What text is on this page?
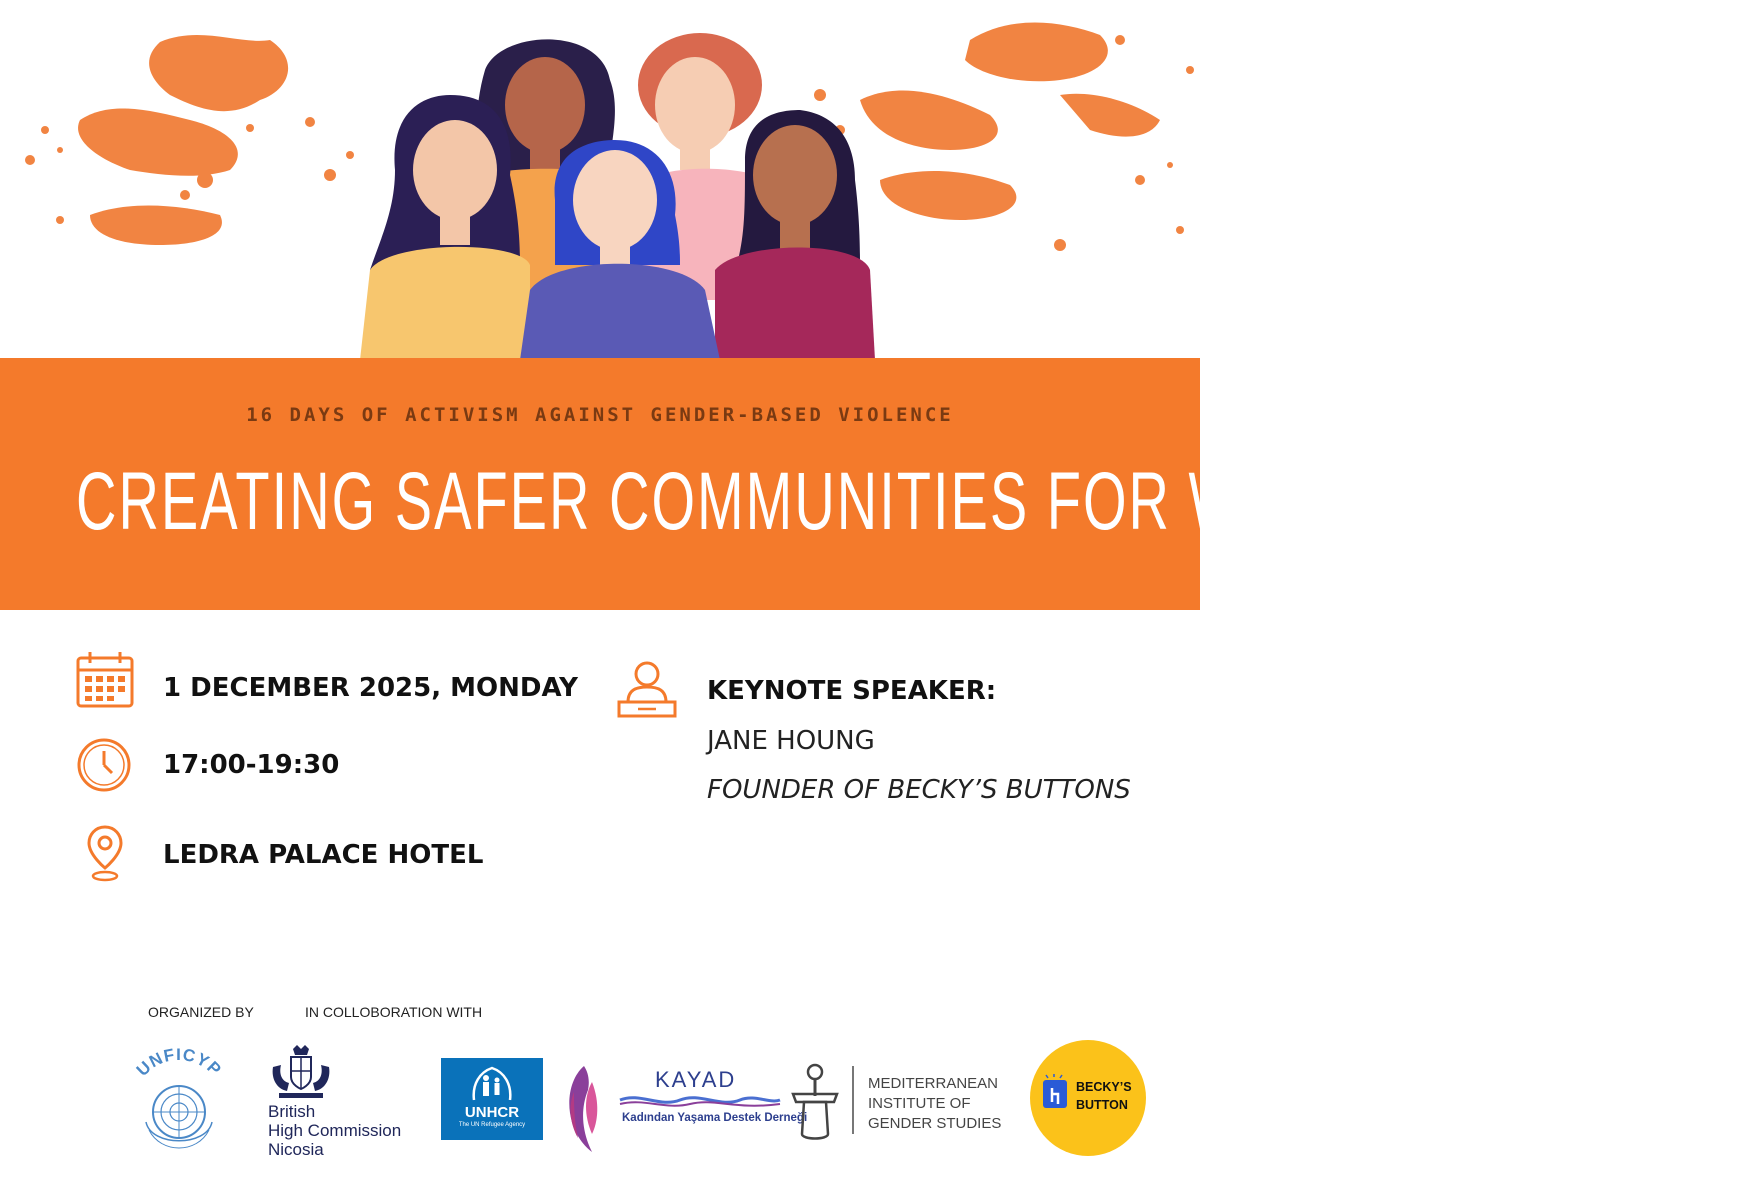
16 DAYS OF ACTIVISM AGAINST GENDER-BASED VIOLENCE
CREATING SAFER COMMUNITIES FOR WOMEN AND GIRLS
1 DECEMBER 2025, MONDAY
17:00-19:30
LEDRA PALACE HOTEL
KEYNOTE SPEAKER:
JANE HOUNG
FOUNDER OF BECKY’S BUTTONS
ORGANIZED BY	IN COLLOBORATION WITH
UNFICYP
British
High Commission
Nicosia
UNHCR
The UN Refugee Agency
KAYAD
Kadından Yaşama Destek Derneği
MEDITERRANEAN
INSTITUTE OF
GENDER STUDIES
BECKY’S
BUTTON
